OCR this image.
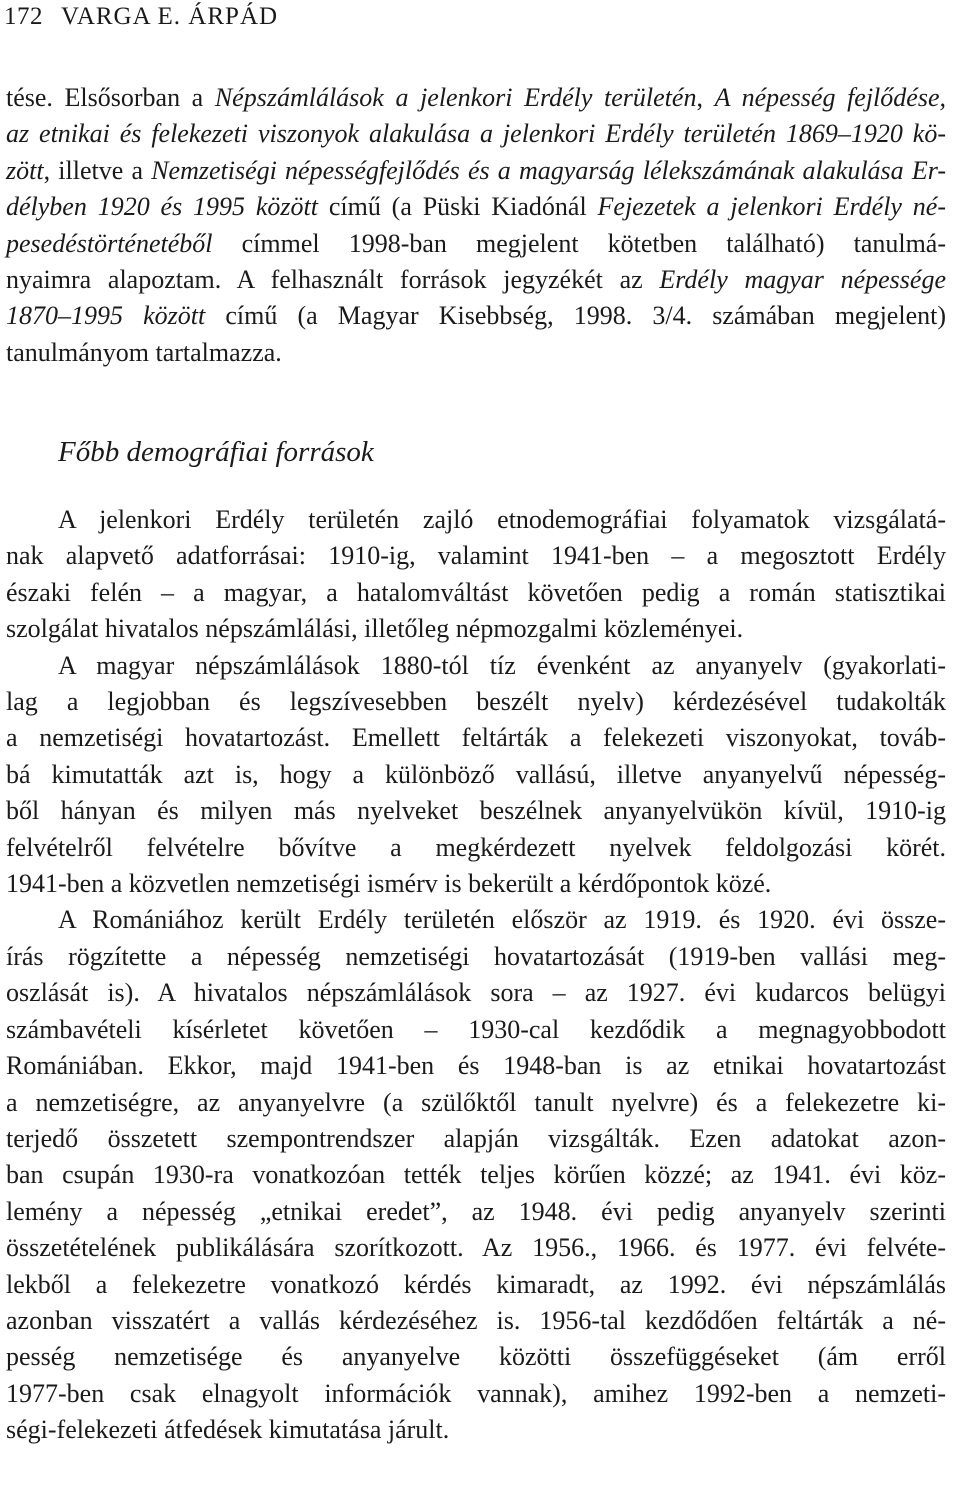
172 VARGA E. ÁRPÁD
tése. Elsősorban a Népszámlálások a jelenkori Erdély területén, A népesség fejlődése,
az etnikai és felekezeti viszonyok alakulása a jelenkori Erdély területén 1869–1920 kö-
zött, illetve a Nemzetiségi népességfejlődés és a magyarság lélekszámának alakulása Er-
délyben 1920 és 1995 között című (a Püski Kiadónál Fejezetek a jelenkori Erdély né-
pesedéstörténetéből címmel 1998-ban megjelent kötetben található) tanulmá-
nyaimra alapoztam. A felhasznált források jegyzékét az Erdély magyar népessége
1870–1995 között című (a Magyar Kisebbség, 1998. 3/4. számában megjelent)
tanulmányom tartalmazza.
Főbb demográfiai források
A jelenkori Erdély területén zajló etnodemográfiai folyamatok vizsgálatá-
nak alapvető adatforrásai: 1910-ig, valamint 1941-ben – a megosztott Erdély
északi felén – a magyar, a hatalomváltást követően pedig a román statisztikai
szolgálat hivatalos népszámlálási, illetőleg népmozgalmi közleményei.
A magyar népszámlálások 1880-tól tíz évenként az anyanyelv (gyakorlati-
lag a legjobban és legszívesebben beszélt nyelv) kérdezésével tudakolták
a nemzetiségi hovatartozást. Emellett feltárták a felekezeti viszonyokat, továb-
bá kimutatták azt is, hogy a különböző vallású, illetve anyanyelvű népesség-
ből hányan és milyen más nyelveket beszélnek anyanyelvükön kívül, 1910-ig
felvételről felvételre bővítve a megkérdezett nyelvek feldolgozási körét.
1941-ben a közvetlen nemzetiségi ismérv is bekerült a kérdőpontok közé.
A Romániához került Erdély területén először az 1919. és 1920. évi össze-
írás rögzítette a népesség nemzetiségi hovatartozását (1919-ben vallási meg-
oszlását is). A hivatalos népszámlálások sora – az 1927. évi kudarcos belügyi
számbavételi kísérletet követően – 1930-cal kezdődik a megnagyobbodott
Romániában. Ekkor, majd 1941-ben és 1948-ban is az etnikai hovatartozást
a nemzetiségre, az anyanyelvre (a szülőktől tanult nyelvre) és a felekezetre ki-
terjedő összetett szempontrendszer alapján vizsgálták. Ezen adatokat azon-
ban csupán 1930-ra vonatkozóan tették teljes körűen közzé; az 1941. évi köz-
lemény a népesség „etnikai eredet”, az 1948. évi pedig anyanyelv szerinti
összetételének publikálására szorítkozott. Az 1956., 1966. és 1977. évi felvéte-
lekből a felekezetre vonatkozó kérdés kimaradt, az 1992. évi népszámlálás
azonban visszatért a vallás kérdezéséhez is. 1956-tal kezdődően feltárták a né-
pesség nemzetisége és anyanyelve közötti összefüggéseket (ám erről
1977-ben csak elnagyolt információk vannak), amihez 1992-ben a nemzeti-
ségi-felekezeti átfedések kimutatása járult.
